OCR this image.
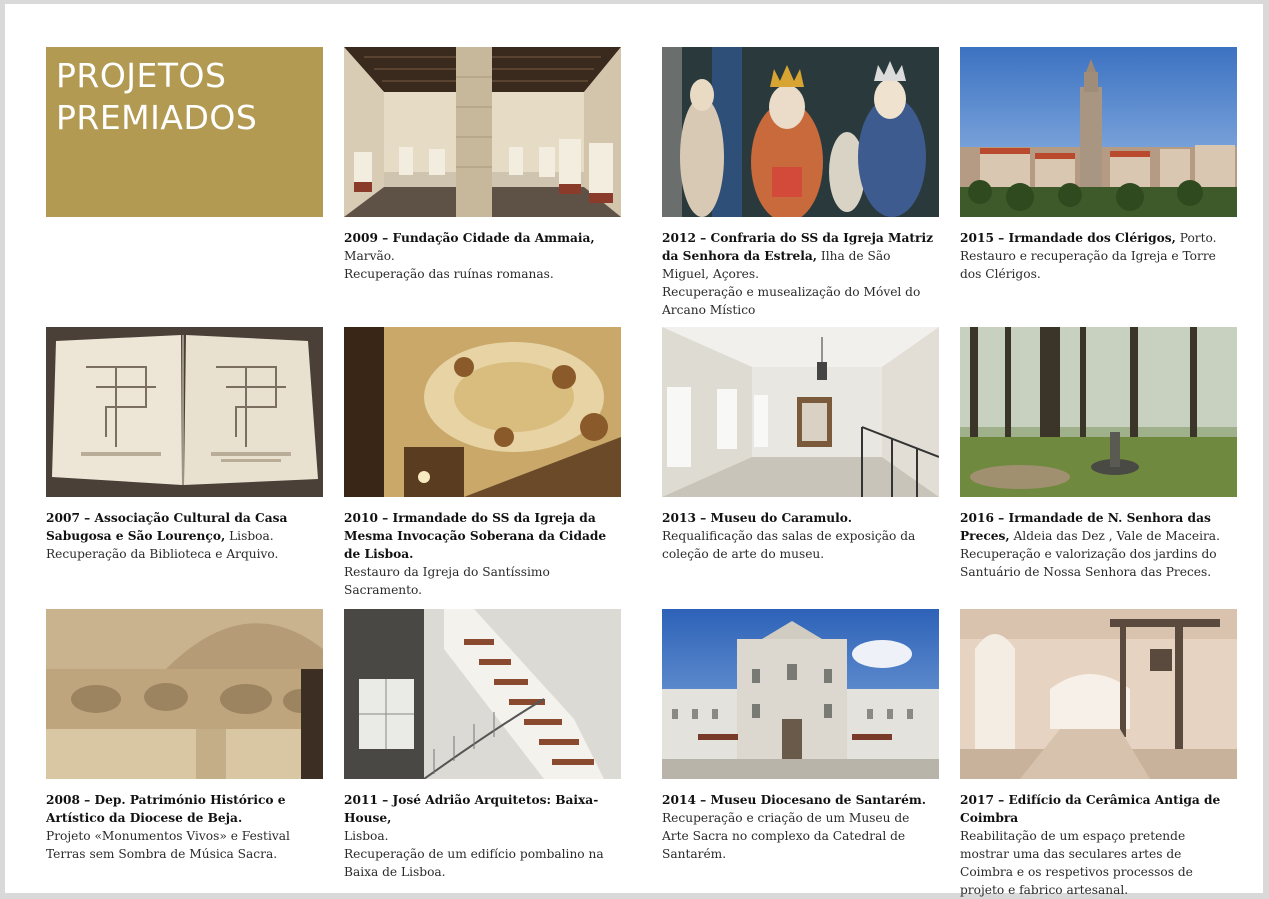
PROJETOS
PREMIADOS
2009 – Fundação Cidade da Ammaia, Marvão.
Recuperação das ruínas romanas.
2012 – Confraria do SS da Igreja Matriz da Senhora da Estrela, Ilha de São Miguel, Açores.
Recuperação e musealização do Móvel do Arcano Místico
2015 – Irmandade dos Clérigos, Porto.
Restauro e recuperação da Igreja e Torre dos Clérigos.
2007 – Associação Cultural da Casa Sabugosa e São Lourenço, Lisboa.
Recuperação da Biblioteca e Arquivo.
2010 – Irmandade do SS da Igreja da Mesma Invocação Soberana da Cidade de Lisboa.
Restauro da Igreja do Santíssimo Sacramento.
2013 – Museu do Caramulo.
Requalificação das salas de exposição da coleção de arte do museu.
2016 – Irmandade de N. Senhora das Preces, Aldeia das Dez , Vale de Maceira.
Recuperação e valorização dos jardins do Santuário de Nossa Senhora das Preces.
2008 – Dep. Património Histórico e Artístico da Diocese de Beja.
Projeto «Monumentos Vivos» e Festival Terras sem Sombra de Música Sacra.
2011 – José Adrião Arquitetos: Baixa-House,
Lisboa.
Recuperação de um edifício pombalino na Baixa de Lisboa.
2014 – Museu Diocesano de Santarém.
Recuperação e criação de um Museu de Arte Sacra no complexo da Catedral de Santarém.
2017 – Edifício da Cerâmica Antiga de Coimbra
Reabilitação de um espaço pretende mostrar uma das seculares artes de Coimbra e os respetivos processos de projeto e fabrico artesanal.
